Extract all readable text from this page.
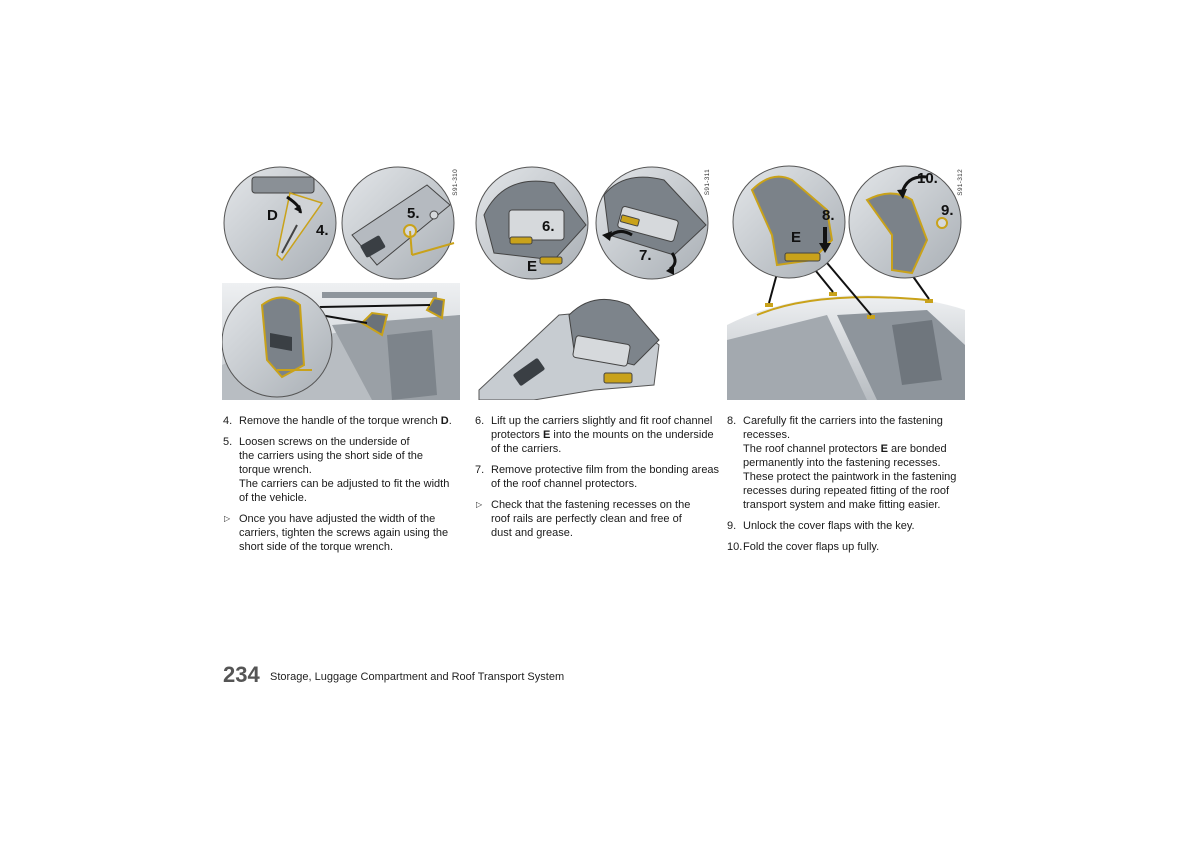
D
4.
5.
S91-310
6.
E
7.
S91-311
8.
E
10.
9.
S91-312
4. Remove the handle of the torque wrench D.
5. Loosen screws on the underside of
the carriers using the short side of the
torque wrench.
The carriers can be adjusted to fit the width
of the vehicle.
▷ Once you have adjusted the width of the
carriers, tighten the screws again using the
short side of the torque wrench.
6. Lift up the carriers slightly and fit roof channel
protectors E into the mounts on the underside
of the carriers.
7. Remove protective film from the bonding areas
of the roof channel protectors.
▷ Check that the fastening recesses on the
roof rails are perfectly clean and free of
dust and grease.
8. Carefully fit the carriers into the fastening
recesses.
The roof channel protectors E are bonded
permanently into the fastening recesses.
These protect the paintwork in the fastening
recesses during repeated fitting of the roof
transport system and make fitting easier.
9. Unlock the cover flaps with the key.
10. Fold the cover flaps up fully.
234 Storage, Luggage Compartment and Roof Transport System
